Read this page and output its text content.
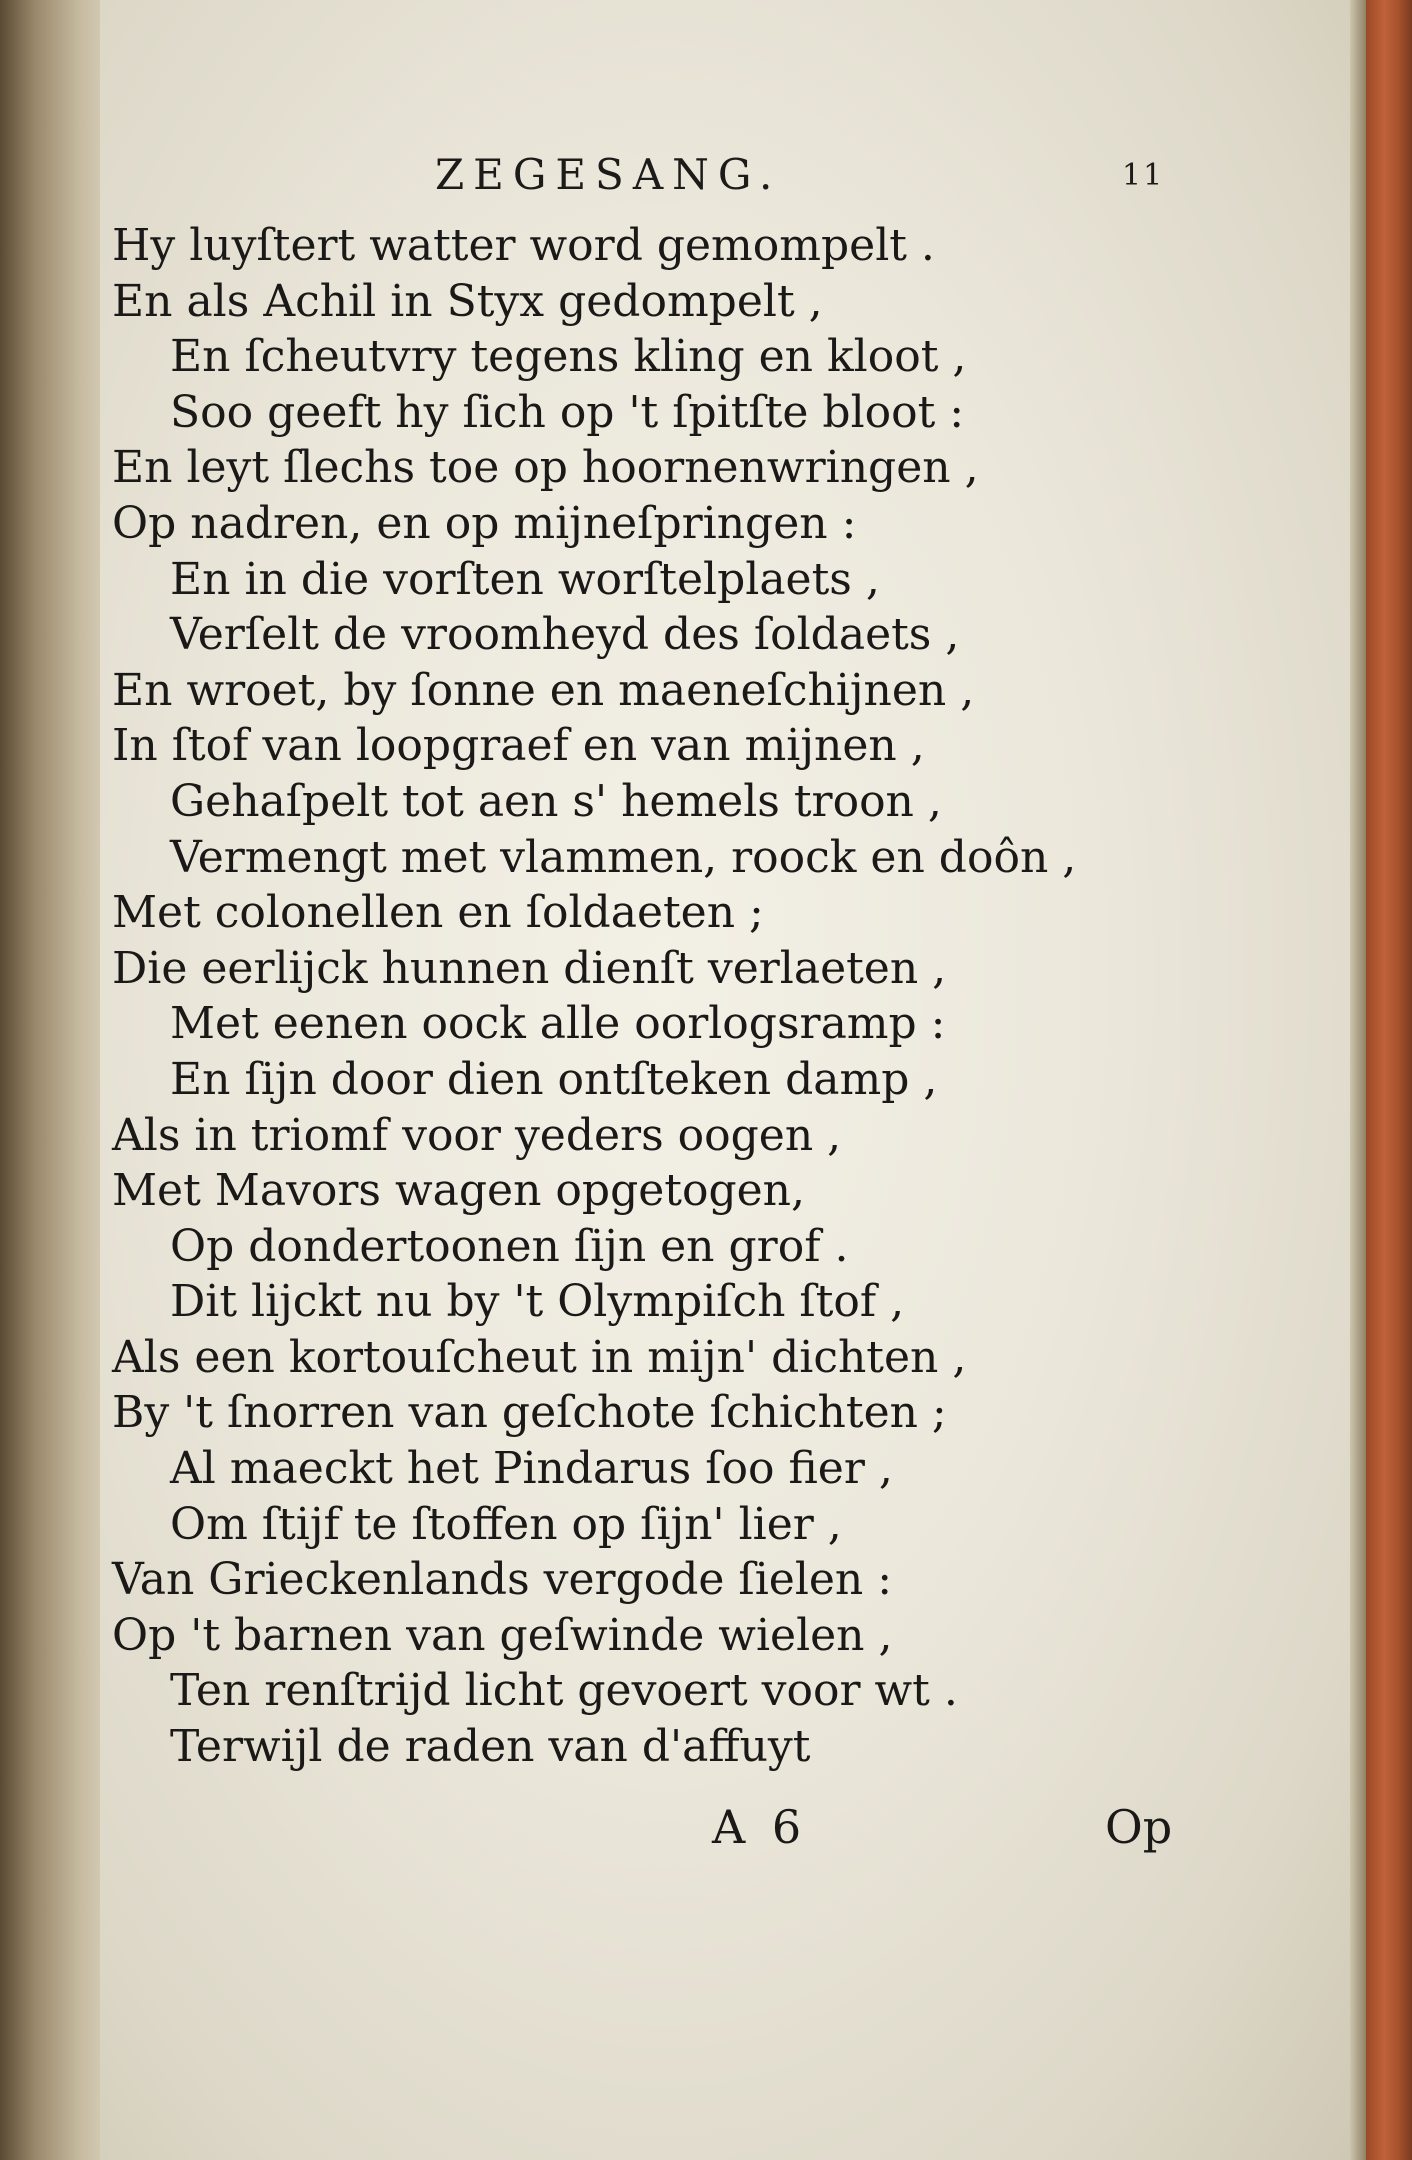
ZEGESANG.	11
Hy luyſtert watter word gemompelt .
En als Achil in Styx gedompelt ,
En ſcheutvry tegens kling en kloot ,
Soo geeft hy ſich op 't ſpitſte bloot :
En leyt ſlechs toe op hoornenwringen ,
Op nadren, en op mijneſpringen :
En in die vorſten worſtelplaets ,
Verſelt de vroomheyd des ſoldaets ,
En wroet, by ſonne en maeneſchijnen ,
In ſtof van loopgraef en van mijnen ,
Gehaſpelt tot aen s' hemels troon ,
Vermengt met vlammen, roock en doôn ,
Met colonellen en ſoldaeten ;
Die eerlijck hunnen dienſt verlaeten ,
Met eenen oock alle oorlogsramp :
En ſijn door dien ontſteken damp ,
Als in triomf voor yeders oogen ,
Met Mavors wagen opgetogen,
Op dondertoonen ſijn en grof .
Dit lijckt nu by 't Olympiſch ſtof ,
Als een kortouſcheut in mijn' dichten ,
By 't ſnorren van geſchote ſchichten ;
Al maeckt het Pindarus ſoo fier ,
Om ſtijf te ſtoffen op ſijn' lier ,
Van Grieckenlands vergode ſielen :
Op 't barnen van geſwinde wielen ,
Ten renſtrijd licht gevoert voor wt .
Terwijl de raden van d'affuyt
A 6	Op
